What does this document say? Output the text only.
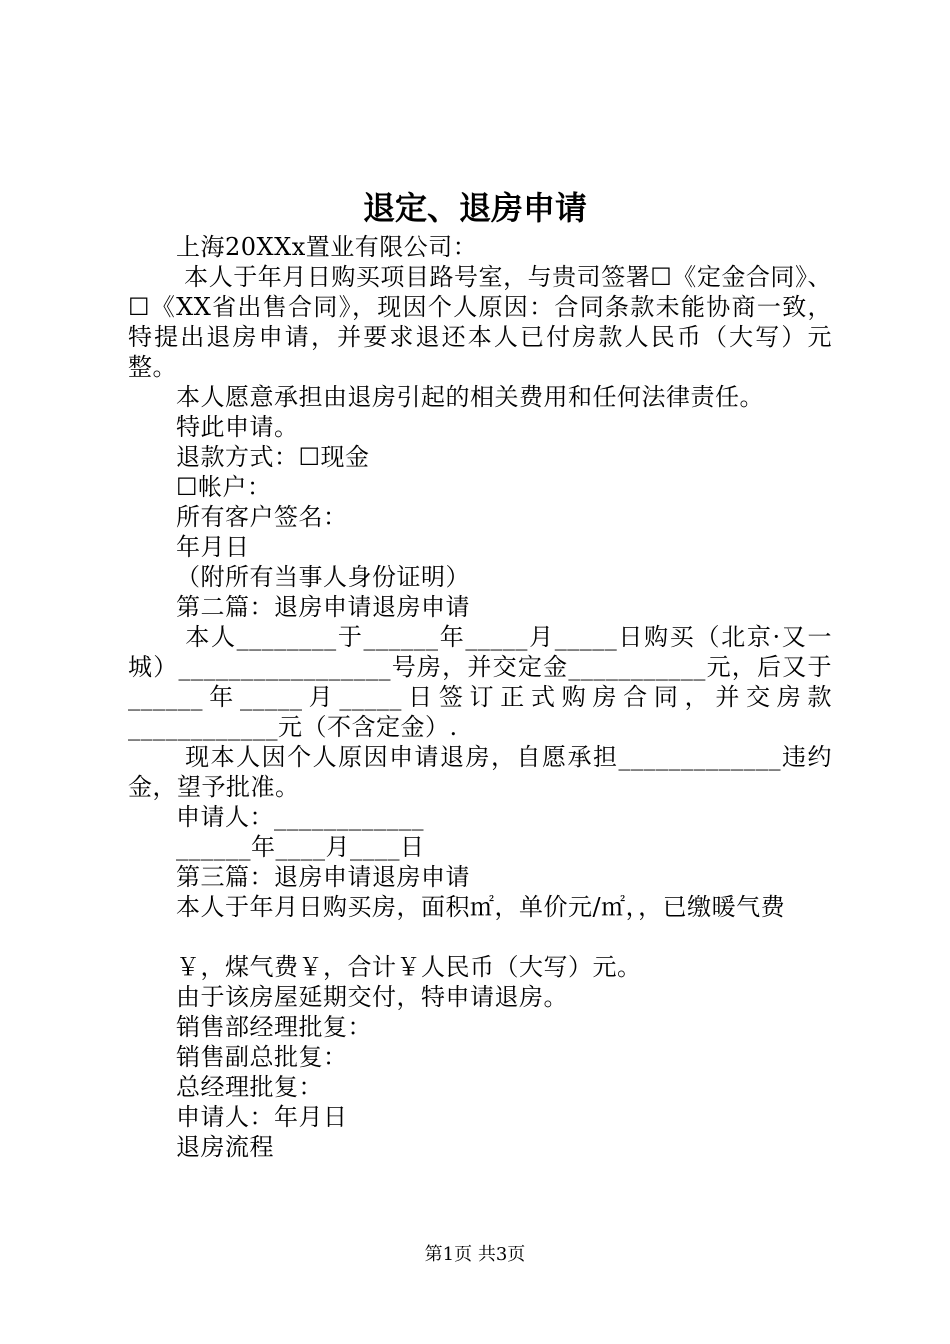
退定、退房申请

上海20XXx置业有限公司：

本人于年月日购买项目路号室，与贵司签署☐《定金合同》、☐《XX省出售合同》，现因个人原因：合同条款未能协商一致，特提出退房申请，并要求退还本人已付房款人民币（大写）元整。

本人愿意承担由退房引起的相关费用和任何法律责任。

特此申请。

退款方式：☐现金

☐帐户：

所有客户签名：

年月日

（附所有当事人身份证明）

第二篇：退房申请退房申请

本人________于______年_____月_____日购买（北京·又一城）_________________号房，并交定金___________元，后又于______年_____月_____日签订正式购房合同，并交房款____________元（不含定金）.

现本人因个人原因申请退房，自愿承担_____________违约金，望予批准。

申请人：____________

______年____月____日

第三篇：退房申请退房申请

本人于年月日购买房，面积㎡，单价元/㎡，，已缴暖气费

￥，煤气费￥，合计￥人民币（大写）元。

由于该房屋延期交付，特申请退房。

销售部经理批复：

销售副总批复：

总经理批复：

申请人：年月日

退房流程

第1页 共3页
